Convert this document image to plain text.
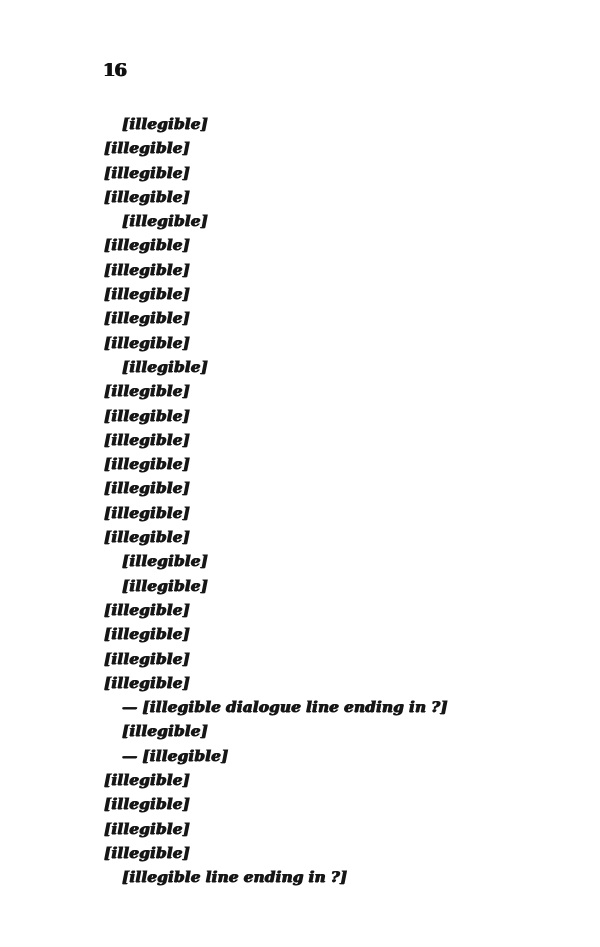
16

[illegible]
[illegible]
[illegible]
[illegible]

[illegible]
[illegible]
[illegible]
[illegible]
[illegible]
[illegible]

[illegible]
[illegible]
[illegible]
[illegible]
[illegible]
[illegible]
[illegible]
[illegible]

[illegible]

[illegible]
[illegible]
[illegible]
[illegible]
[illegible]

— [illegible dialogue line ending in ?]

[illegible]

— [illegible]
[illegible]
[illegible]
[illegible]
[illegible]

[illegible line ending in ?]
